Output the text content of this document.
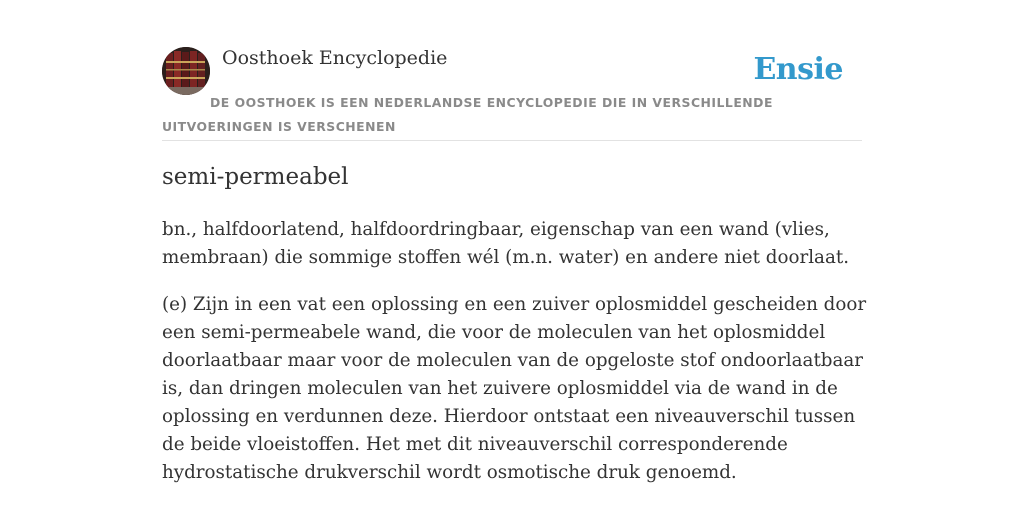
Oosthoek Encyclopedie	Ensie
DE OOSTHOEK IS EEN NEDERLANDSE ENCYCLOPEDIE DIE IN VERSCHILLENDE UITVOERINGEN IS VERSCHENEN
semi-permeabel

bn., halfdoorlatend, halfdoordringbaar, eigenschap van een wand (vlies, membraan) die sommige stoffen wél (m.n. water) en andere niet doorlaat.

(e) Zijn in een vat een oplossing en een zuiver oplosmiddel gescheiden door een semi-permeabele wand, die voor de moleculen van het oplosmiddel doorlaatbaar maar voor de moleculen van de opgeloste stof ondoorlaatbaar is, dan dringen moleculen van het zuivere oplosmiddel via de wand in de oplossing en verdunnen deze. Hierdoor ontstaat een niveauverschil tussen de beide vloeistoffen. Het met dit niveauverschil corresponderende hydrostatische drukverschil wordt osmotische druk genoemd.
